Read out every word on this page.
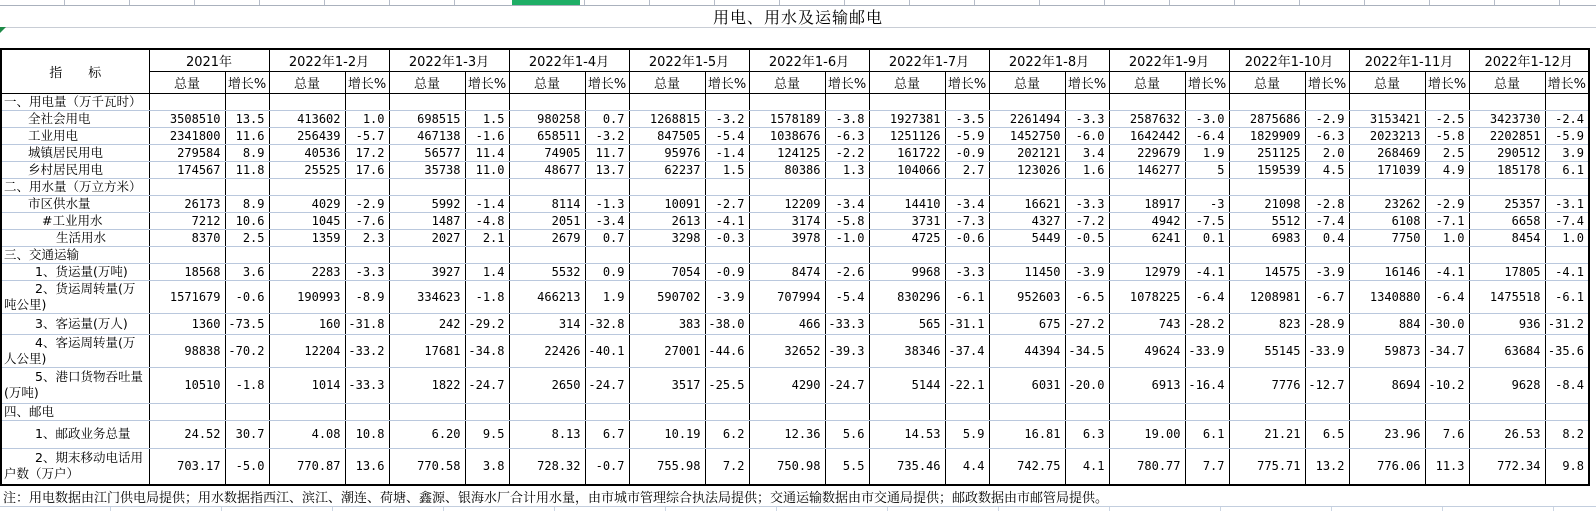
用电、用水及运输邮电
指　　标	2021年		2022年1-2月		2022年1-3月		2022年1-4月		2022年1-5月		2022年1-6月		2022年1-7月		2022年1-8月		2022年1-9月		2022年1-10月		2022年1-11月		2022年1-12月	
	总量	增长%	总量	增长%	总量	增长%	总量	增长%	总量	增长%	总量	增长%	总量	增长%	总量	增长%	总量	增长%	总量	增长%	总量	增长%	总量	增长%
一、用电量（万千瓦时）																								
全社会用电	3508510	13.5	413602	1.0	698515	1.5	980258	0.7	1268815	-3.2	1578189	-3.8	1927381	-3.5	2261494	-3.3	2587632	-3.0	2875686	-2.9	3153421	-2.5	3423730	-2.4
工业用电	2341800	11.6	256439	-5.7	467138	-1.6	658511	-3.2	847505	-5.4	1038676	-6.3	1251126	-5.9	1452750	-6.0	1642442	-6.4	1829909	-6.3	2023213	-5.8	2202851	-5.9
城镇居民用电	279584	8.9	40536	17.2	56577	11.4	74905	11.7	95976	-1.4	124125	-2.2	161722	-0.9	202121	3.4	229679	1.9	251125	2.0	268469	2.5	290512	3.9
乡村居民用电	174567	11.8	25525	17.6	35738	11.0	48677	13.7	62237	1.5	80386	1.3	104066	2.7	123026	1.6	146277	5	159539	4.5	171039	4.9	185178	6.1
二、用水量（万立方米）																								
市区供水量	26173	8.9	4029	-2.9	5992	-1.4	8114	-1.3	10091	-2.7	12209	-3.4	14410	-3.4	16621	-3.3	18917	-3	21098	-2.8	23262	-2.9	25357	-3.1
#工业用水	7212	10.6	1045	-7.6	1487	-4.8	2051	-3.4	2613	-4.1	3174	-5.8	3731	-7.3	4327	-7.2	4942	-7.5	5512	-7.4	6108	-7.1	6658	-7.4
生活用水	8370	2.5	1359	2.3	2027	2.1	2679	0.7	3298	-0.3	3978	-1.0	4725	-0.6	5449	-0.5	6241	0.1	6983	0.4	7750	1.0	8454	1.0
三、交通运输																								
1、货运量(万吨)	18568	3.6	2283	-3.3	3927	1.4	5532	0.9	7054	-0.9	8474	-2.6	9968	-3.3	11450	-3.9	12979	-4.1	14575	-3.9	16146	-4.1	17805	-4.1
2、货运周转量(万吨公里)	1571679	-0.6	190993	-8.9	334623	-1.8	466213	1.9	590702	-3.9	707994	-5.4	830296	-6.1	952603	-6.5	1078225	-6.4	1208981	-6.7	1340880	-6.4	1475518	-6.1
3、客运量(万人)	1360	-73.5	160	-31.8	242	-29.2	314	-32.8	383	-38.0	466	-33.3	565	-31.1	675	-27.2	743	-28.2	823	-28.9	884	-30.0	936	-31.2
4、客运周转量(万人公里)	98838	-70.2	12204	-33.2	17681	-34.8	22426	-40.1	27001	-44.6	32652	-39.3	38346	-37.4	44394	-34.5	49624	-33.9	55145	-33.9	59873	-34.7	63684	-35.6
5、港口货物吞吐量(万吨)	10510	-1.8	1014	-33.3	1822	-24.7	2650	-24.7	3517	-25.5	4290	-24.7	5144	-22.1	6031	-20.0	6913	-16.4	7776	-12.7	8694	-10.2	9628	-8.4
四、邮电																								
1、邮政业务总量	24.52	30.7	4.08	10.8	6.20	9.5	8.13	6.7	10.19	6.2	12.36	5.6	14.53	5.9	16.81	6.3	19.00	6.1	21.21	6.5	23.96	7.6	26.53	8.2
2、期末移动电话用户数（万户）	703.17	-5.0	770.87	13.6	770.58	3.8	728.32	-0.7	755.98	7.2	750.98	5.5	735.46	4.4	742.75	4.1	780.77	7.7	775.71	13.2	776.06	11.3	772.34	9.8
注：用电数据由江门供电局提供；用水数据指西江、滨江、潮连、荷塘、鑫源、银海水厂合计用水量，由市城市管理综合执法局提供；交通运输数据由市交通局提供；邮政数据由市邮管局提供。
